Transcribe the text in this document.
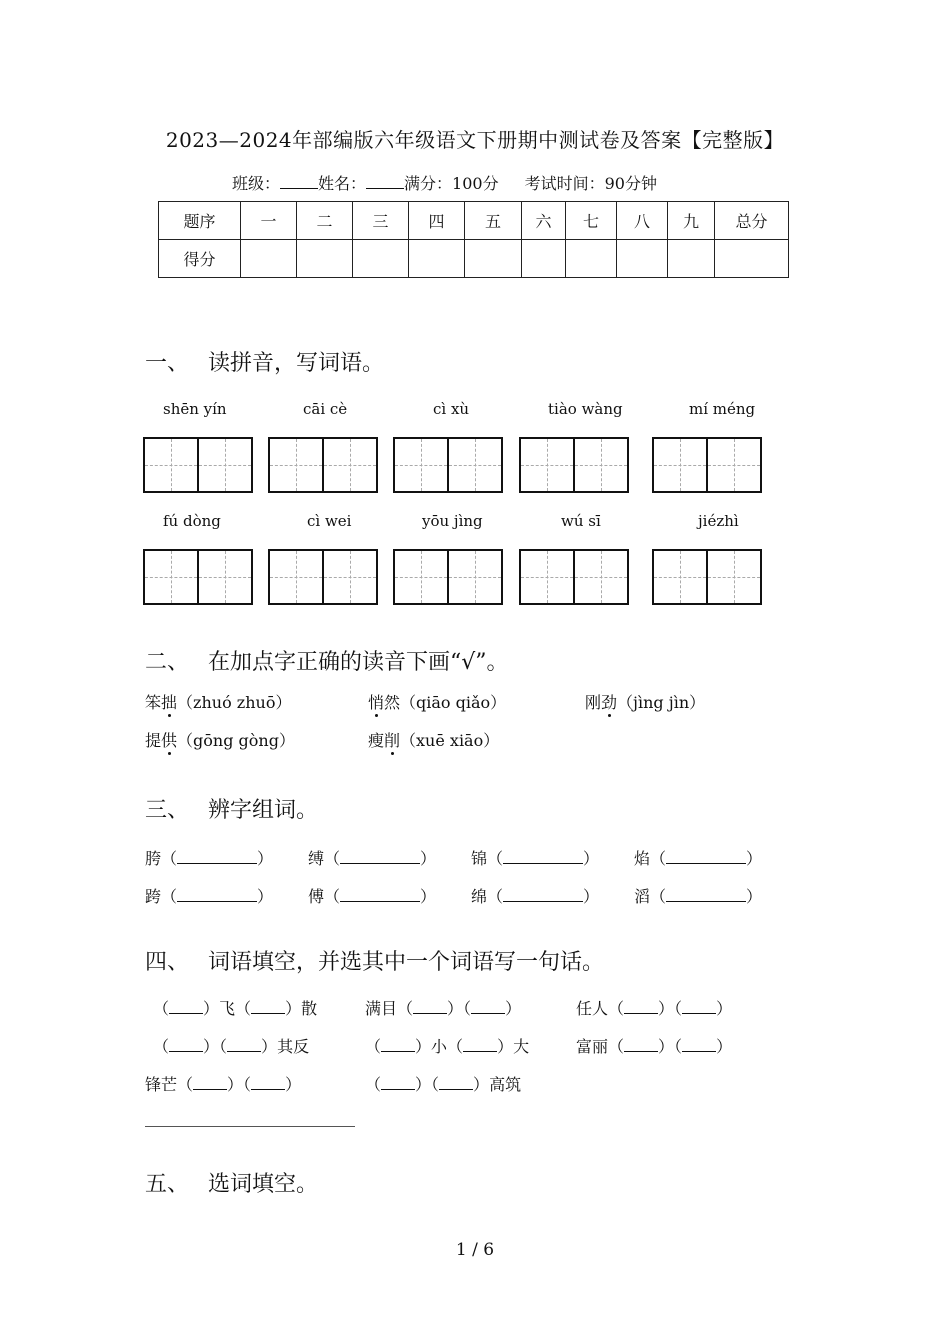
2023—2024年部编版六年级语文下册期中测试卷及答案【完整版】
班级： 姓名： 满分：100分 考试时间：90分钟
题序	一	二	三	四	五	六	七	八	九	总分
得分										
一、 读拼音，写词语。
shēn yín	cāi cè	cì xù	tiào wàng	mí méng
fú dòng	cì wei	yōu jìng	wú sī	jiézhì
二、 在加点字正确的读音下画“√”。
笨拙（zhuó zhuō）	悄然（qiāo qiǎo）	刚劲（jìng jìn）
提供（gōng gòng）	瘦削（xuē xiāo）
三、 辨字组词。
胯（	） 缚（	） 锦（	） 焰（	）
跨（	） 傅（	） 绵（	） 滔（	）
四、 词语填空，并选其中一个词语写一句话。
（ ）飞（ ）散	满目（ ）（ ）	任人（ ）（ ）
（ ）（ ）其反	（ ）小（ ）大	富丽（ ）（ ）
锋芒（ ）（ ）	（ ）（ ）高筑
五、 选词填空。
1 / 6
